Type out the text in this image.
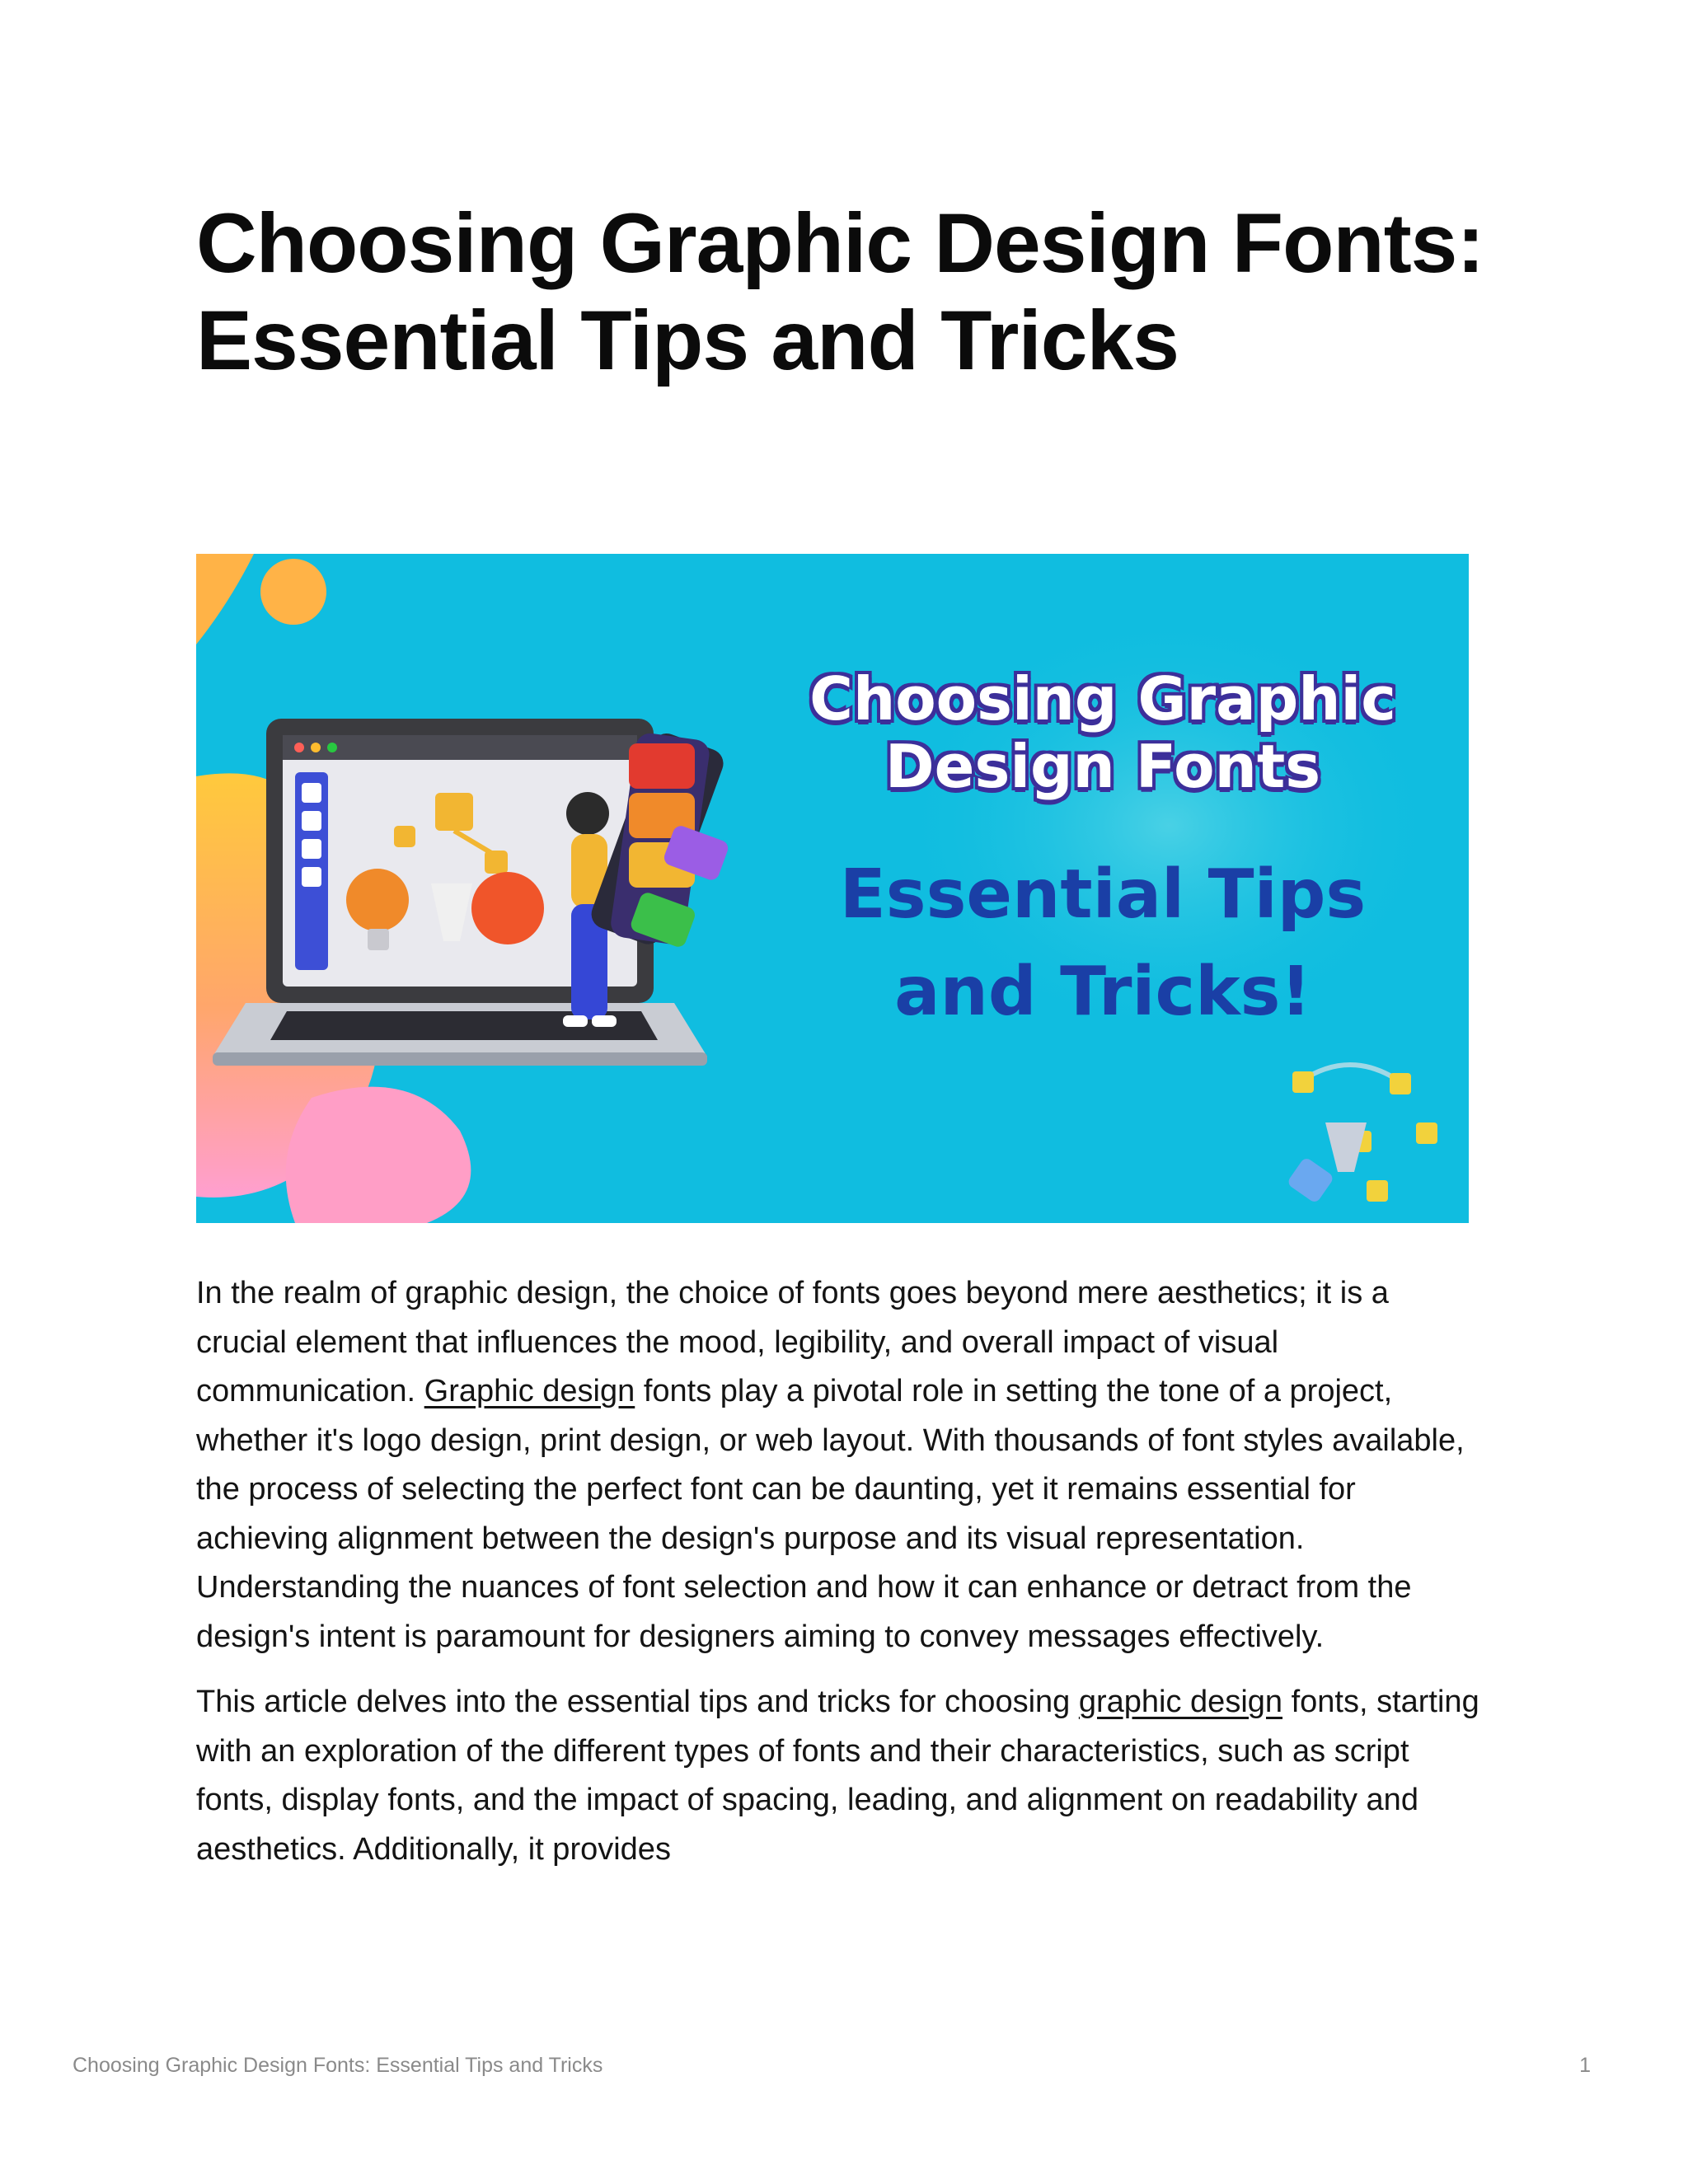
Choosing Graphic Design Fonts: Essential Tips and Tricks
Choosing Graphic Design Fonts
Essential Tips and Tricks!

In the realm of graphic design, the choice of fonts goes beyond mere aesthetics; it is a crucial element that influences the mood, legibility, and overall impact of visual communication. Graphic design fonts play a pivotal role in setting the tone of a project, whether it's logo design, print design, or web layout. With thousands of font styles available, the process of selecting the perfect font can be daunting, yet it remains essential for achieving alignment between the design's purpose and its visual representation. Understanding the nuances of font selection and how it can enhance or detract from the design's intent is paramount for designers aiming to convey messages effectively.

This article delves into the essential tips and tricks for choosing graphic design fonts, starting with an exploration of the different types of fonts and their characteristics, such as script fonts, display fonts, and the impact of spacing, leading, and alignment on readability and aesthetics. Additionally, it provides

Choosing Graphic Design Fonts: Essential Tips and Tricks	1
